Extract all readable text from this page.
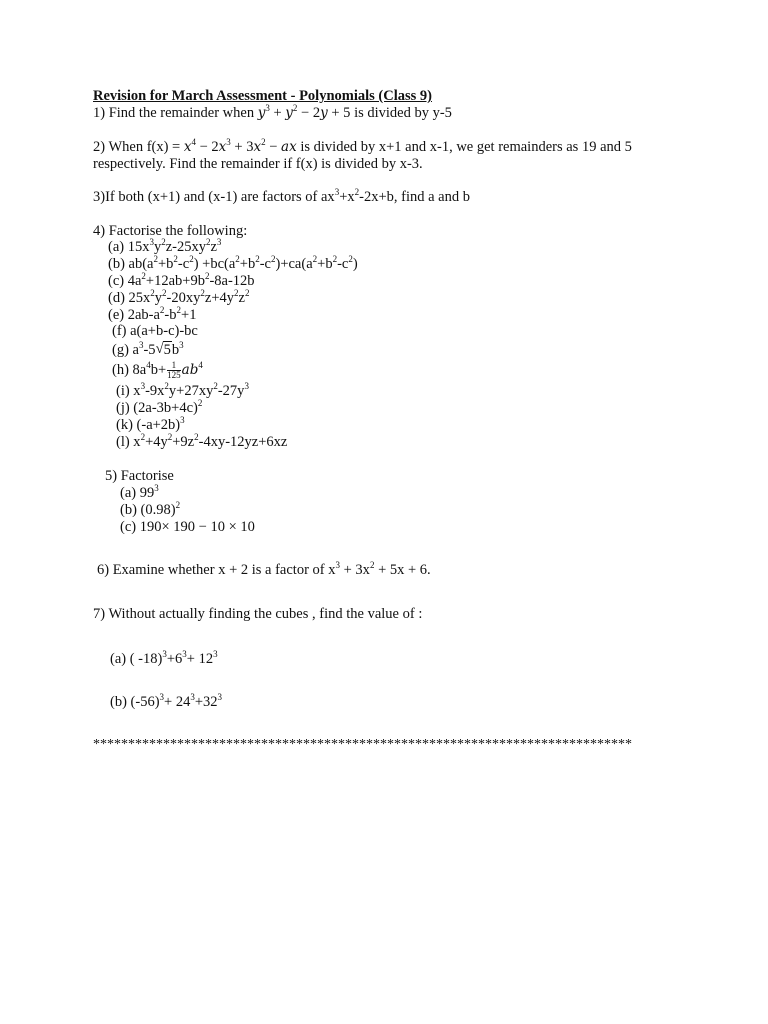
Revision for March Assessment - Polynomials (Class 9)
1) Find the remainder when $y^3 + y^2 - 2y + 5$ is divided by y-5
2) When $f(x) = x^4 - 2x^3 + 3x^2$ − ax is divided by x+1 and x-1, we get remainders as 19 and 5
respectively. Find the remainder if f(x) is divided by x-3.
3)If both (x+1) and (x-1) are factors of $ax^3+x^2-2x+b$, find a and b
4) Factorise the following:
(a) $15x^3y^2z-25xy^2z^3$
(b) $ab(a^2+b^2-c^2) +bc(a^2+b^2-c^2)+ca(a^2+b^2-c^2)$
(c) $4a^2+12ab+9b^2-8a-12b$
(d) $25x^2y^2-20xy^2z+4y^2z^2$
(e) $2ab-a^2-b^2+1$
(f) a(a+b-c)-bc
(g) $a^3-5$ √ $5b^3$
(h) $8a^4b+ \frac{1}{125} ab^4$
(i) $x^3-9x^2y+27xy^2-27y^3$
(j) $(2a-3b+4c)^2$
(k) $(-a+2b)^3$
(l) $x^2+4y^2+9z^2-4xy-12yz+6xz$
5) Factorise
(a) $99^3$
(b) $(0.98)^2$
(c) 190× 190 − 10 × 10
6) Examine whether x + 2 is a factor of $x^3 + 3x^2 + 5x + 6$.
7) Without actually finding the cubes , find the value of :
(a) ( $-18)^3+6^3+ 12^3$
(b) $(-56)^3+ 24^3+32^3$
*****************************************************************************
